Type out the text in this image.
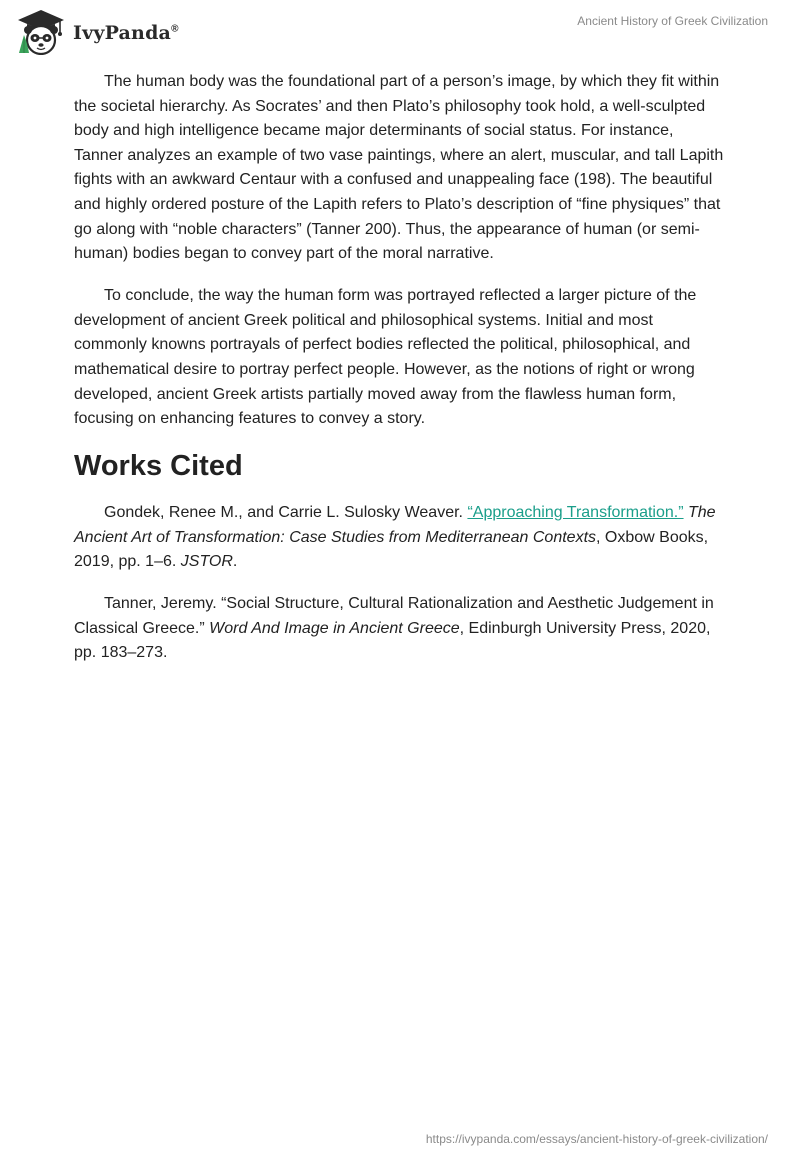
IvyPanda®
Ancient History of Greek Civilization

The human body was the foundational part of a person’s image, by which they fit within the societal hierarchy. As Socrates’ and then Plato’s philosophy took hold, a well-sculpted body and high intelligence became major determinants of social status. For instance, Tanner analyzes an example of two vase paintings, where an alert, muscular, and tall Lapith fights with an awkward Centaur with a confused and unappealing face (198). The beautiful and highly ordered posture of the Lapith refers to Plato’s description of “fine physiques” that go along with “noble characters” (Tanner 200). Thus, the appearance of human (or semi-human) bodies began to convey part of the moral narrative.

To conclude, the way the human form was portrayed reflected a larger picture of the development of ancient Greek political and philosophical systems. Initial and most commonly knowns portrayals of perfect bodies reflected the political, philosophical, and mathematical desire to portray perfect people. However, as the notions of right or wrong developed, ancient Greek artists partially moved away from the flawless human form, focusing on enhancing features to convey a story.

Works Cited

Gondek, Renee M., and Carrie L. Sulosky Weaver. “Approaching Transformation.” The Ancient Art of Transformation: Case Studies from Mediterranean Contexts, Oxbow Books, 2019, pp. 1–6. JSTOR.

Tanner, Jeremy. “Social Structure, Cultural Rationalization and Aesthetic Judgement in Classical Greece.” Word And Image in Ancient Greece, Edinburgh University Press, 2020, pp. 183–273.

https://ivypanda.com/essays/ancient-history-of-greek-civilization/
